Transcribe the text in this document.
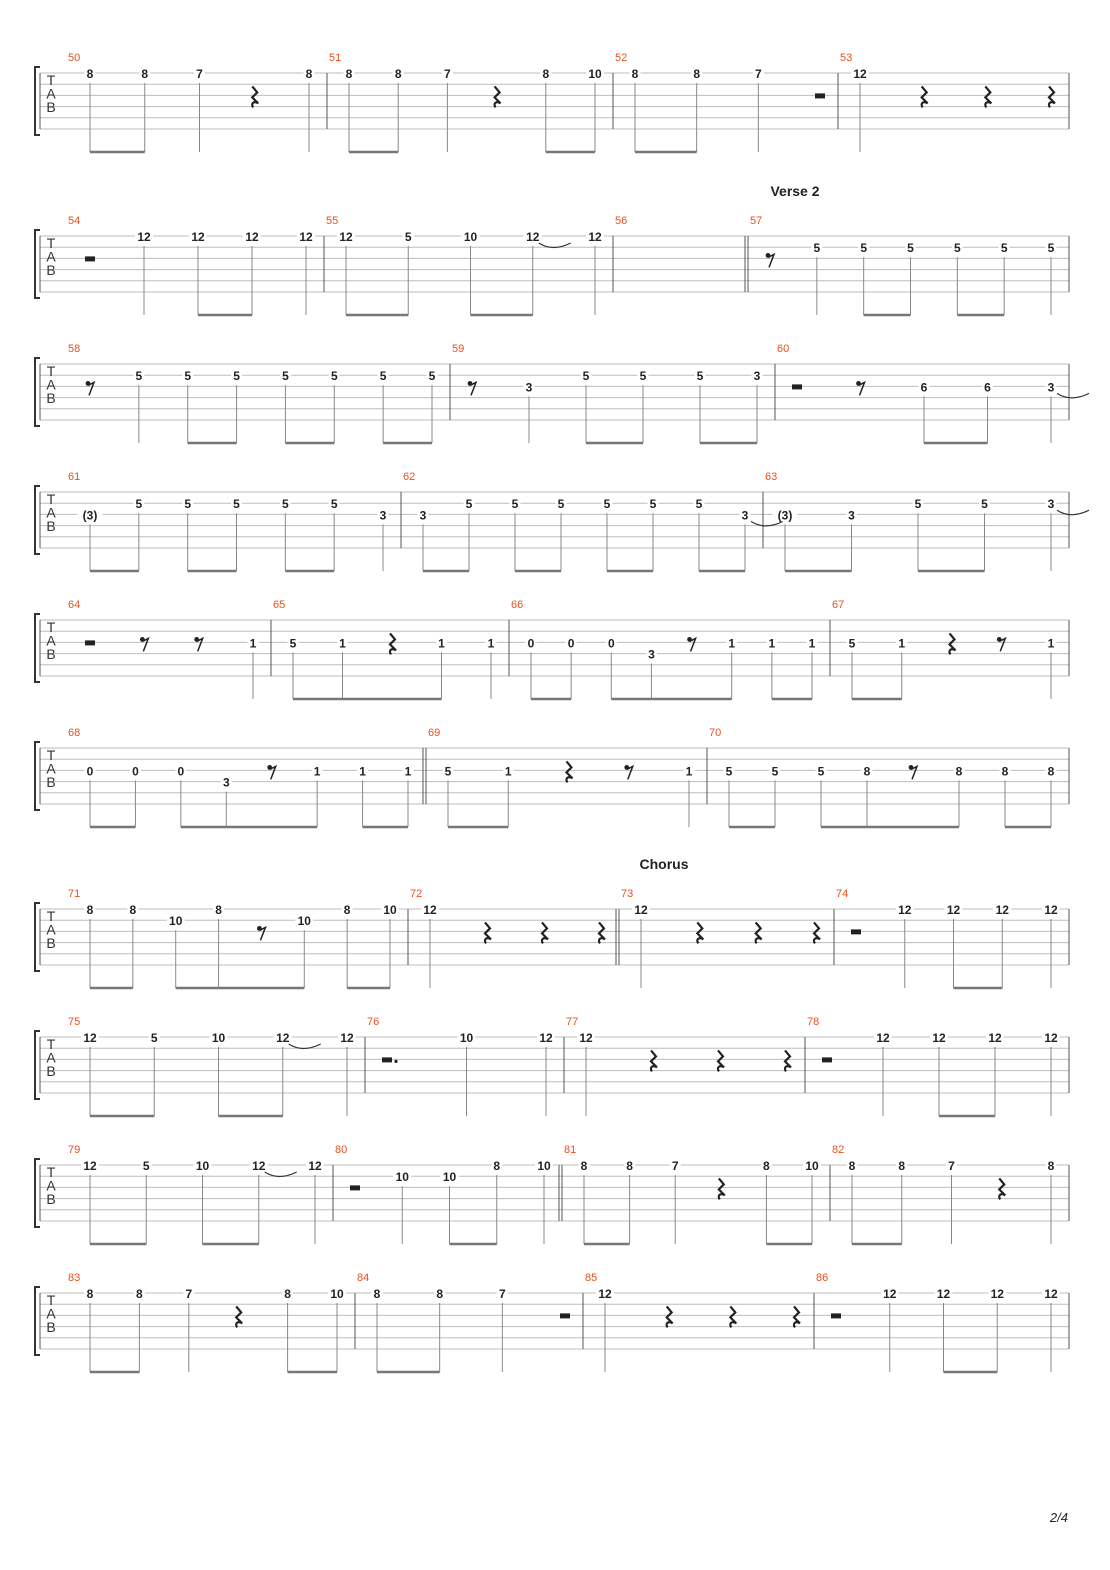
T
A
B
50
8	8	7	8
51
8	8	7	8	10
52
8	8	7
53
12
T
A
B
54
12	12	12	12
55
12	5	10	12	12
56	57
5	5	5	5	5	5
Verse 2
T
A
B
58
5	5	5	5	5	5	5
59
3
5	5	5	3
60
6	6	3
T
A
B
61
(3)
5	5	5	5	5
3
62
3
5	5	5	5	5	5
3
63
(3)	3
5	5	3
T
A
B
64
1
65
5	1	1	1
66
0	0	0
3
1	1	1
67
5	1	1
T
A
B
68
0	0	0
3
1	1	1
69
5	1	1
70
5	5	5	8	8	8	8
T
A
B
71
8	8
10
8
10
8	10
72
12
73
12
74
12	12	12	12
Chorus
T
A
B
75
12	5	10	12	12
76
10	12
77
12
78
12	12	12	12
T
A
B
79
12	5	10	12	12
80
10	10
8	10
81
8	8	7	8	10
82
8	8	7	8
T
A
B
83
8	8	7	8	10
84
8	8	7
85
12
86
12	12	12	12
2/4
